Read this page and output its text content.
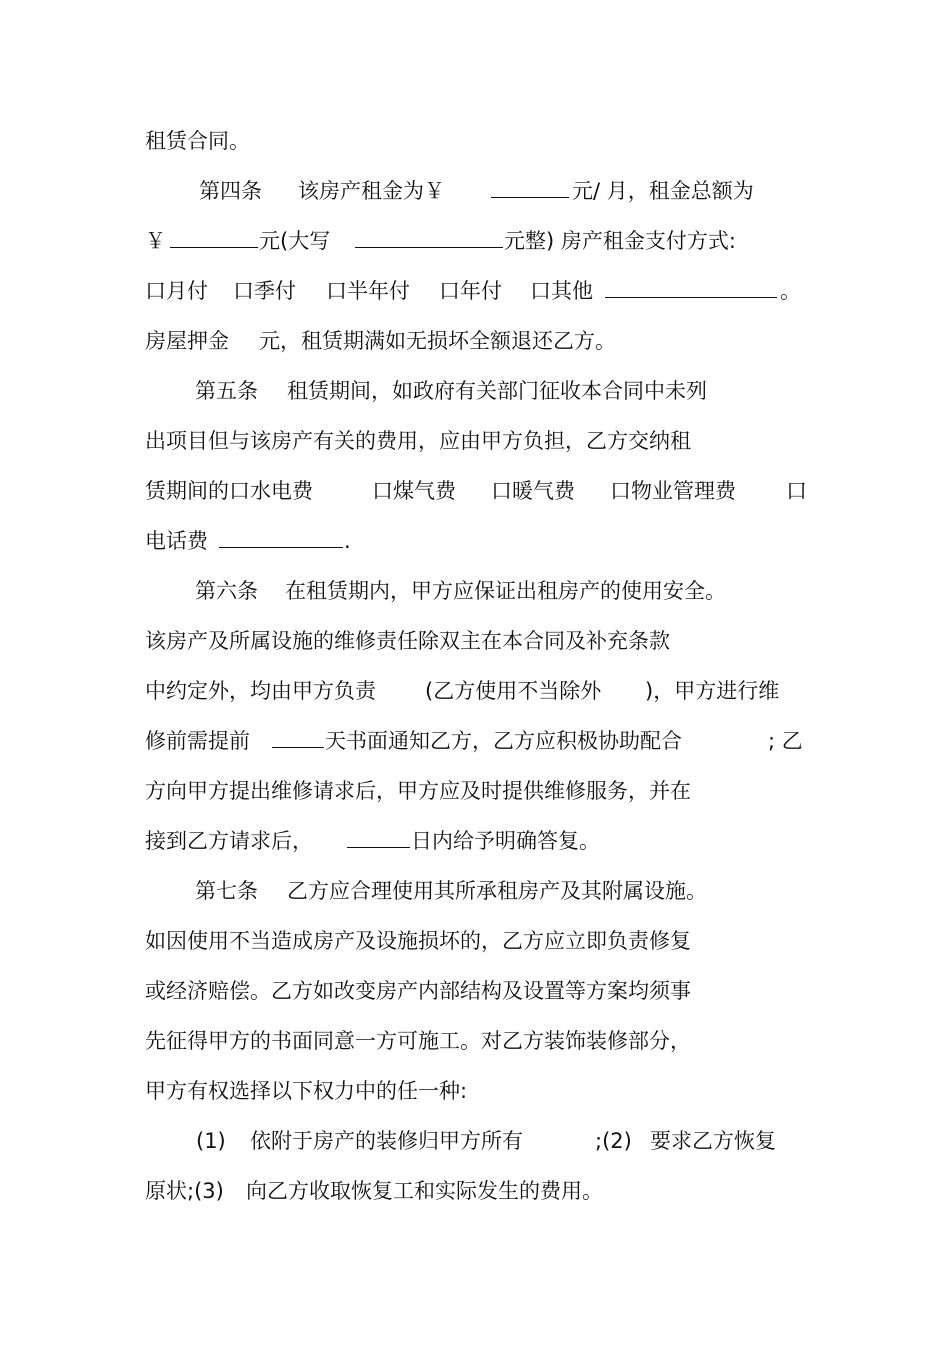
租赁合同。

第四条

该房产租金为￥

	元/ 月，租金总额为

￥

	元(大写

	元整) 房产租金支付方式:

口月付

口季付

口半年付

口年付

口其他

	。

房屋押金

元，租赁期满如无损坏全额退还乙方。

第五条

租赁期间，如政府有关部门征收本合同中未列

出项目但与该房产有关的费用，应由甲方负担，乙方交纳租

赁期间的口水电费

	口煤气费

口暖气费

口物业管理费

口

电话费

	.

第六条

在租赁期内，甲方应保证出租房产的使用安全。

该房产及所属设施的维修责任除双主在本合同及补充条款

中约定外，均由甲方负责

(乙方使用不当除外

)，甲方进行维

修前需提前

	天书面通知乙方，乙方应积极协助配合

	; 乙

方向甲方提出维修请求后，甲方应及时提供维修服务，并在

接到乙方请求后，

	日内给予明确答复。

第七条

乙方应合理使用其所承租房产及其附属设施。

如因使用不当造成房产及设施损坏的，乙方应立即负责修复

或经济赔偿。乙方如改变房产内部结构及设置等方案均须事

先征得甲方的书面同意一方可施工。对乙方装饰装修部分，

甲方有权选择以下权力中的任一种:

(1)

依附于房产的装修归甲方所有

	;(2)

要求乙方恢复

原状;(3)

向乙方收取恢复工和实际发生的费用。
